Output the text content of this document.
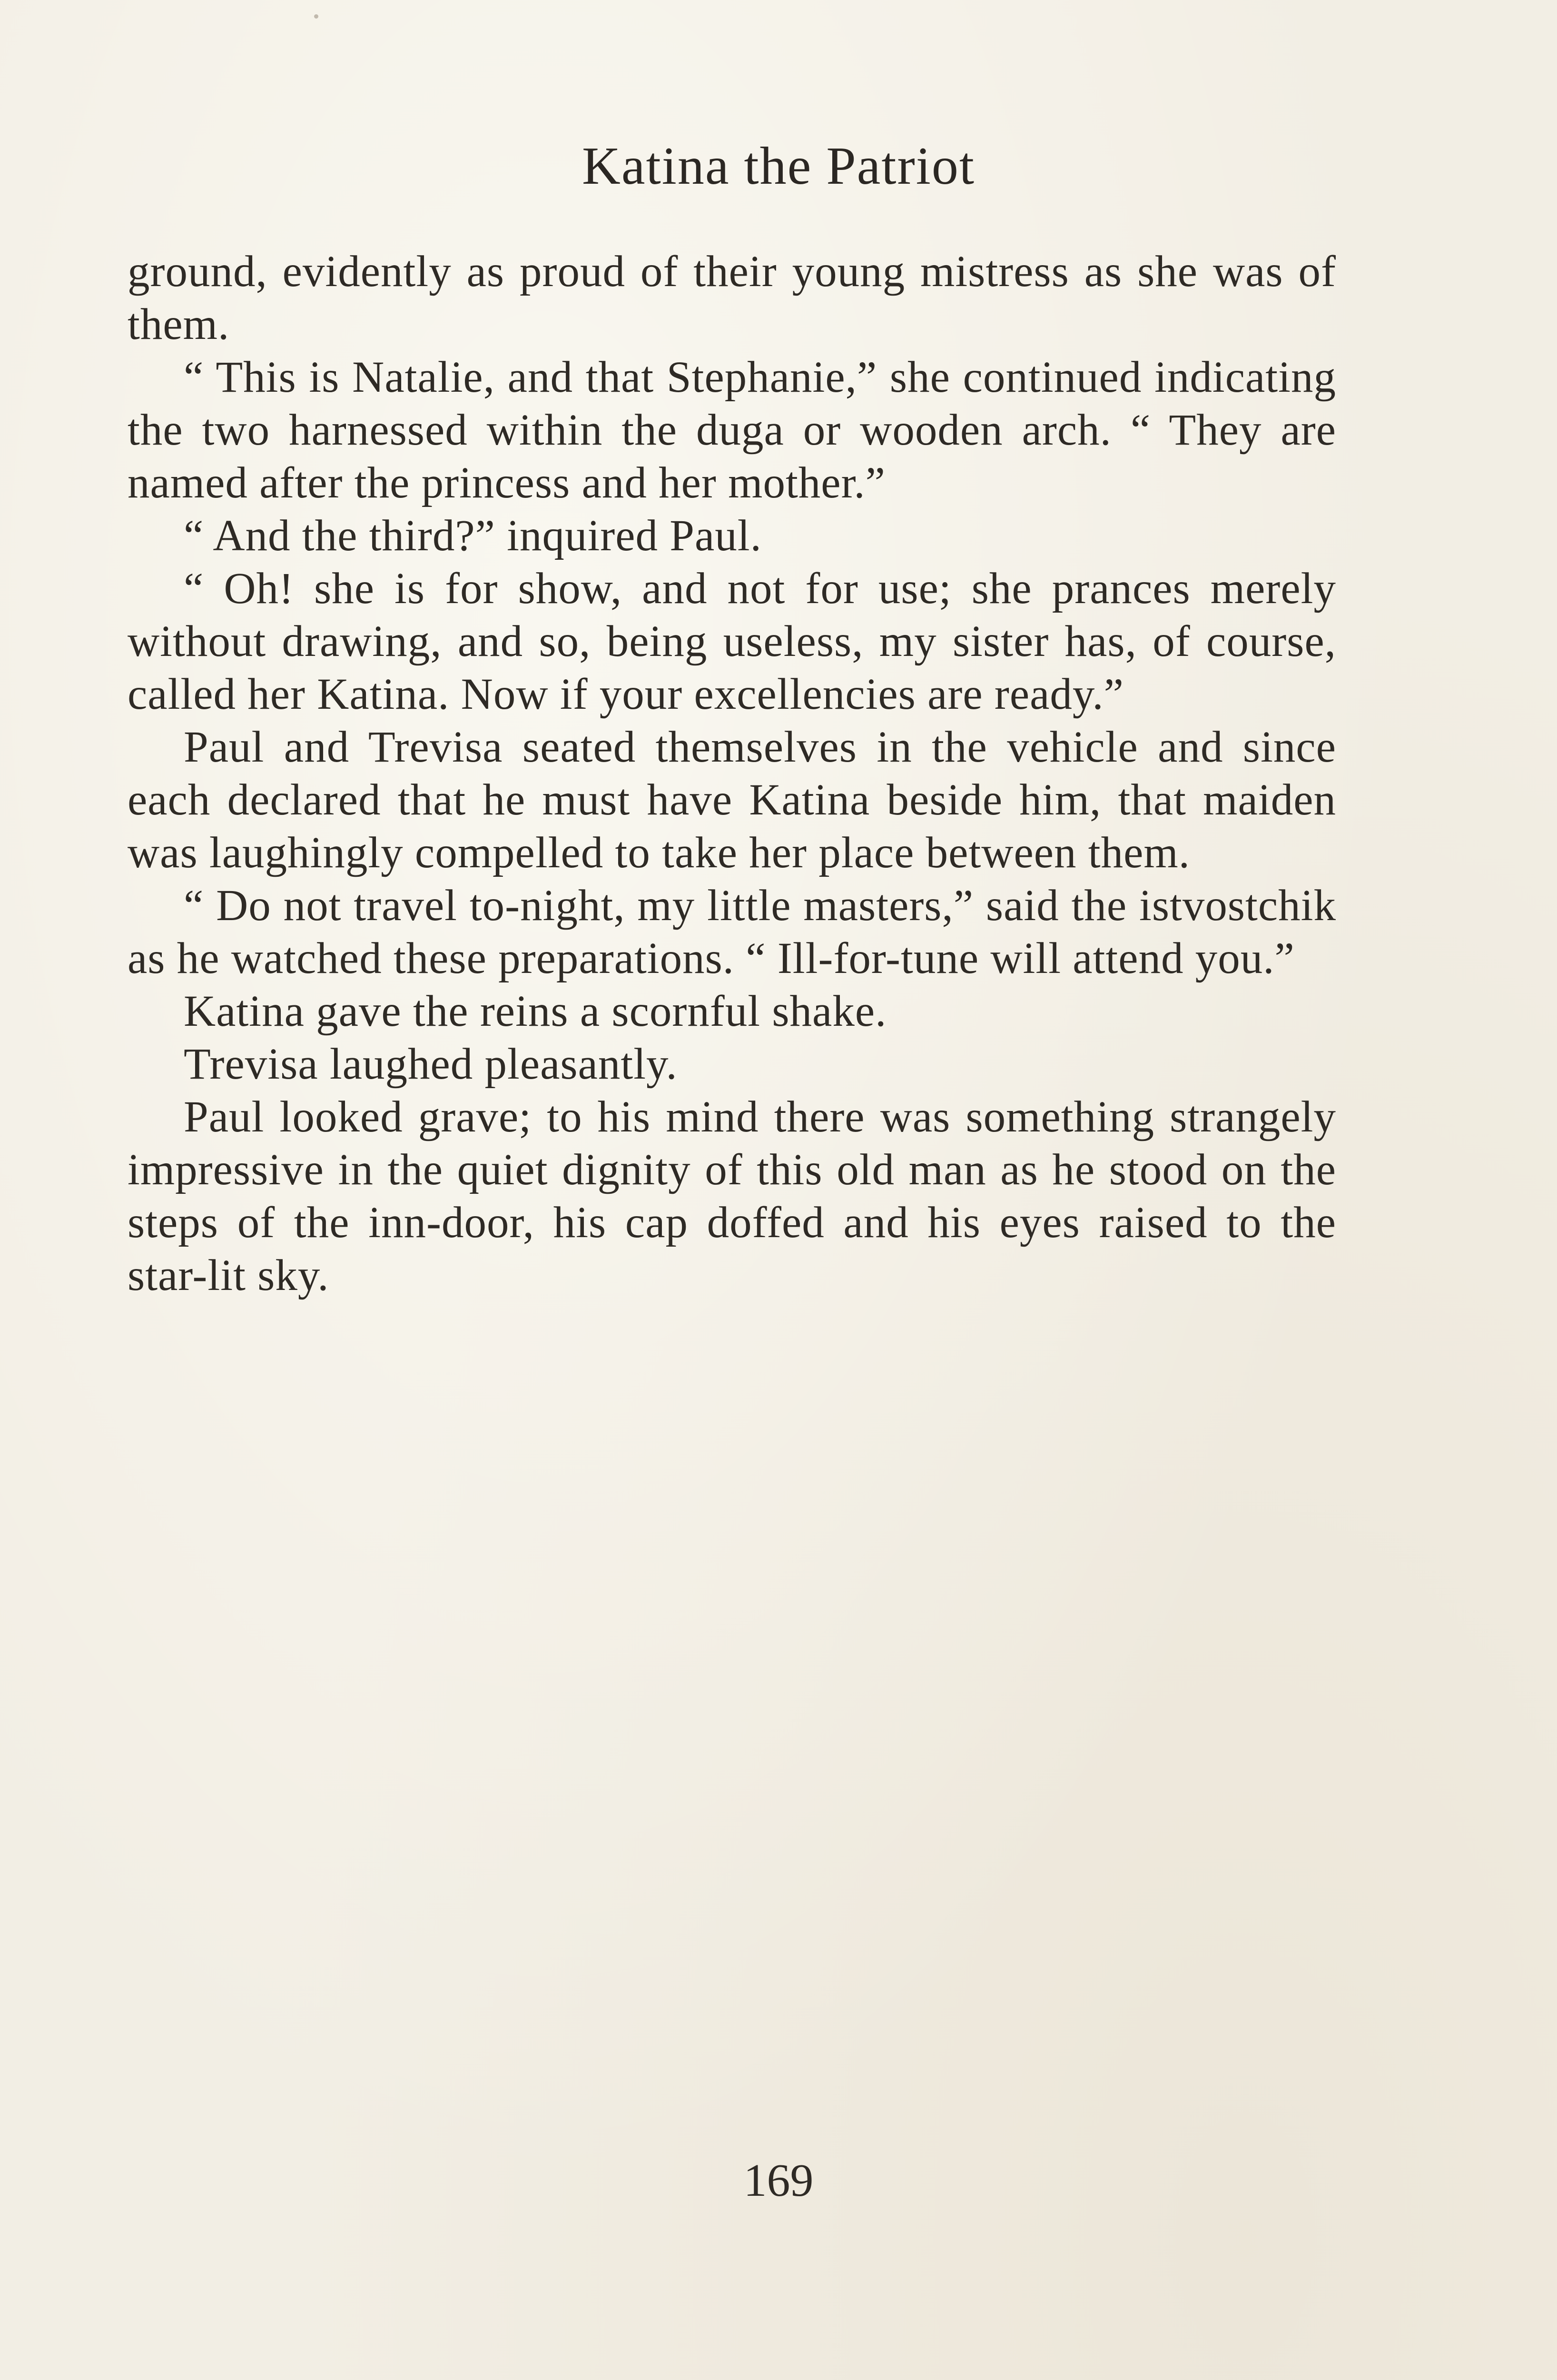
Katina the Patriot

ground, evidently as proud of their young mistress as she was of them.

“ This is Natalie, and that Stephanie,” she continued indicating the two harnessed within the duga or wooden arch. “ They are named after the princess and her mother.”

“ And the third?” inquired Paul.

“ Oh! she is for show, and not for use; she prances merely without drawing, and so, being useless, my sister has, of course, called her Katina. Now if your excellencies are ready.”

Paul and Trevisa seated themselves in the vehicle and since each declared that he must have Katina beside him, that maiden was laughingly compelled to take her place between them.

“ Do not travel to-night, my little masters,” said the istvostchik as he watched these preparations. “ Ill-for-tune will attend you.”

Katina gave the reins a scornful shake.

Trevisa laughed pleasantly.

Paul looked grave; to his mind there was something strangely impressive in the quiet dignity of this old man as he stood on the steps of the inn-door, his cap doffed and his eyes raised to the star-lit sky.

169
